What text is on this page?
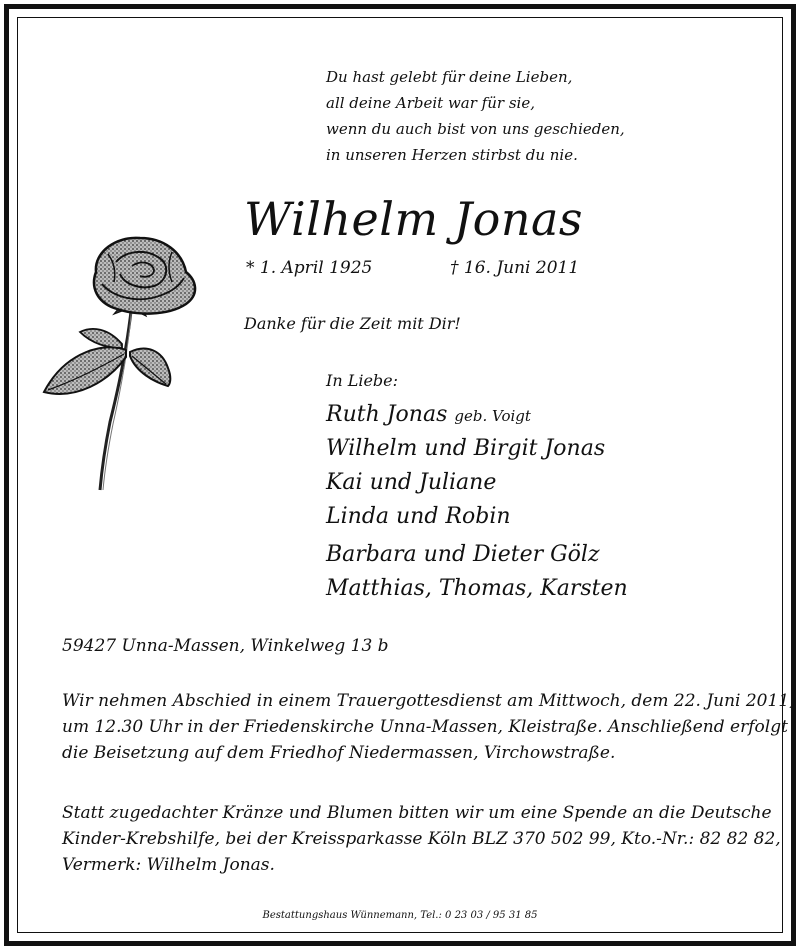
Du hast gelebt für deine Lieben,
all deine Arbeit war für sie,
wenn du auch bist von uns geschieden,
in unseren Herzen stirbst du nie.
Wilhelm Jonas
* 1. April 1925	† 16. Juni 2011
Danke für die Zeit mit Dir!
In Liebe:
Ruth Jonas geb. Voigt
Wilhelm und Birgit Jonas
Kai und Juliane
Linda und Robin
Barbara und Dieter Gölz
Matthias, Thomas, Karsten
59427 Unna-Massen, Winkelweg 13 b
Wir nehmen Abschied in einem Trauergottesdienst am Mittwoch, dem 22. Juni 2011,
um 12.30 Uhr in der Friedenskirche Unna-Massen, Kleistraße. Anschließend erfolgt
die Beisetzung auf dem Friedhof Niedermassen, Virchowstraße.
Statt zugedachter Kränze und Blumen bitten wir um eine Spende an die Deutsche
Kinder-Krebshilfe, bei der Kreissparkasse Köln BLZ 370 502 99, Kto.-Nr.: 82 82 82,
Vermerk: Wilhelm Jonas.
Bestattungshaus Wünnemann, Tel.: 0 23 03 / 95 31 85
